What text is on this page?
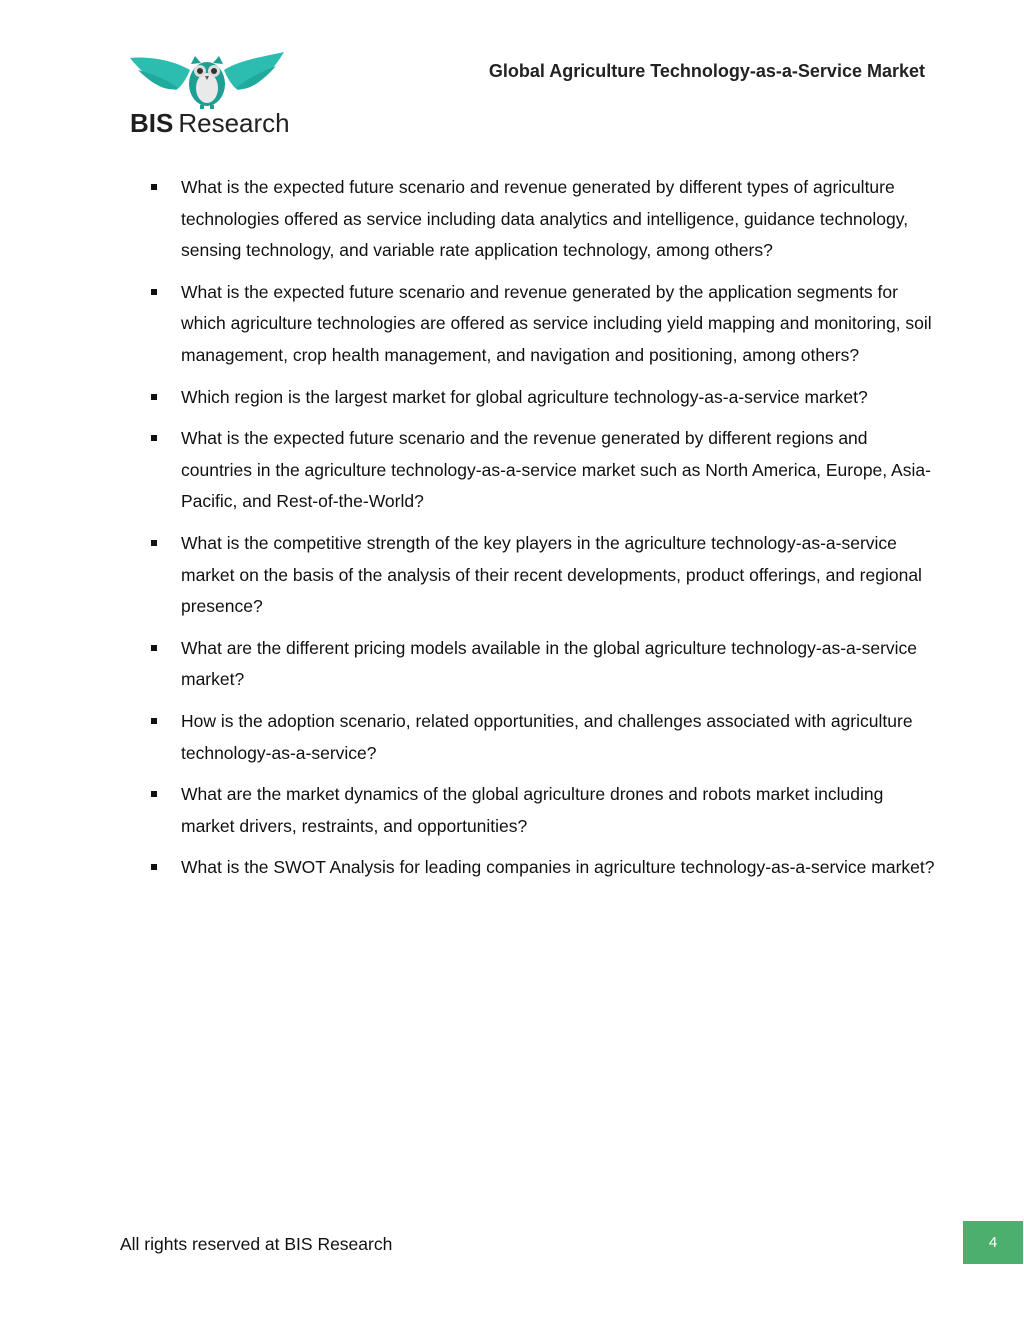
BIS Research
Global Agriculture Technology-as-a-Service Market
What is the expected future scenario and revenue generated by different types of agriculture technologies offered as service including data analytics and intelligence, guidance technology, sensing technology, and variable rate application technology, among others?
What is the expected future scenario and revenue generated by the application segments for which agriculture technologies are offered as service including yield mapping and monitoring, soil management, crop health management, and navigation and positioning, among others?
Which region is the largest market for global agriculture technology-as-a-service market?
What is the expected future scenario and the revenue generated by different regions and countries in the agriculture technology-as-a-service market such as North America, Europe, Asia-Pacific, and Rest-of-the-World?
What is the competitive strength of the key players in the agriculture technology-as-a-service market on the basis of the analysis of their recent developments, product offerings, and regional presence?
What are the different pricing models available in the global agriculture technology-as-a-service market?
How is the adoption scenario, related opportunities, and challenges associated with agriculture technology-as-a-service?
What are the market dynamics of the global agriculture drones and robots market including market drivers, restraints, and opportunities?
What is the SWOT Analysis for leading companies in agriculture technology-as-a-service market?
All rights reserved at BIS Research	4
